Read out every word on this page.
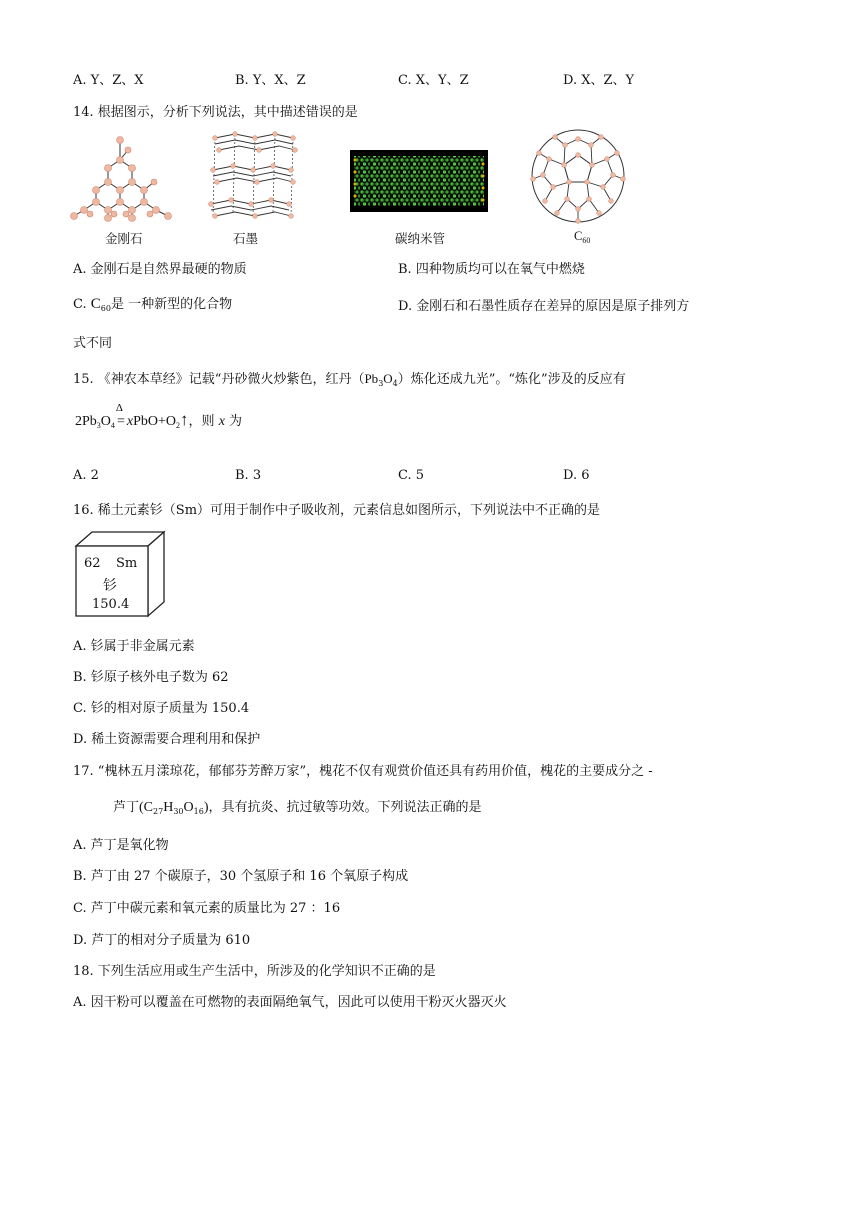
A. Y、Z、X	B. Y、X、Z	C. X、Y、Z	D. X、Z、Y
14. 根据图示，分析下列说法，其中描述错误的是
金刚石	石墨	碳纳米管	$C_{60}$
A. 金刚石是自然界最硬的物质	B. 四种物质均可以在氧气中燃烧
C. $C_{60}$是 一种新型的化合物	D. 金刚石和石墨性质存在差异的原因是原子排列方
式不同
15. 《神农本草经》记载“丹砂微火炒紫色，红丹$(Pb_3O_4)$炼化还成九光”。“炼化”涉及的反应有
$2Pb_3O_4$
Δ
= $xPbO+O_2↑$，则 x 为
A. 2	B. 3	C. 5	D. 6
16. 稀土元素钐（Sm）可用于制作中子吸收剂，元素信息如图所示，下列说法中不正确的是
62 Sm
钐
150.4
A. 钐属于非金属元素
B. 钐原子核外电子数为 62
C. 钐的相对原子质量为 150.4
D. 稀土资源需要合理利用和保护
17. “槐林五月漾琼花，郁郁芬芳醉万家”，槐花不仅有观赏价值还具有药用价值，槐花的主要成分之 -
芦丁$(C_{27}H_{30}O_{16})$，具有抗炎、抗过敏等功效。下列说法正确的是
A. 芦丁是氧化物
B. 芦丁由 27 个碳原子，30 个氢原子和 16 个氧原子构成
C. 芦丁中碳元素和氧元素的质量比为 27 ：16
D. 芦丁的相对分子质量为 610
18. 下列生活应用或生产生活中，所涉及的化学知识不正确的是
A. 因干粉可以覆盖在可燃物的表面隔绝氧气，因此可以使用干粉灭火器灭火
